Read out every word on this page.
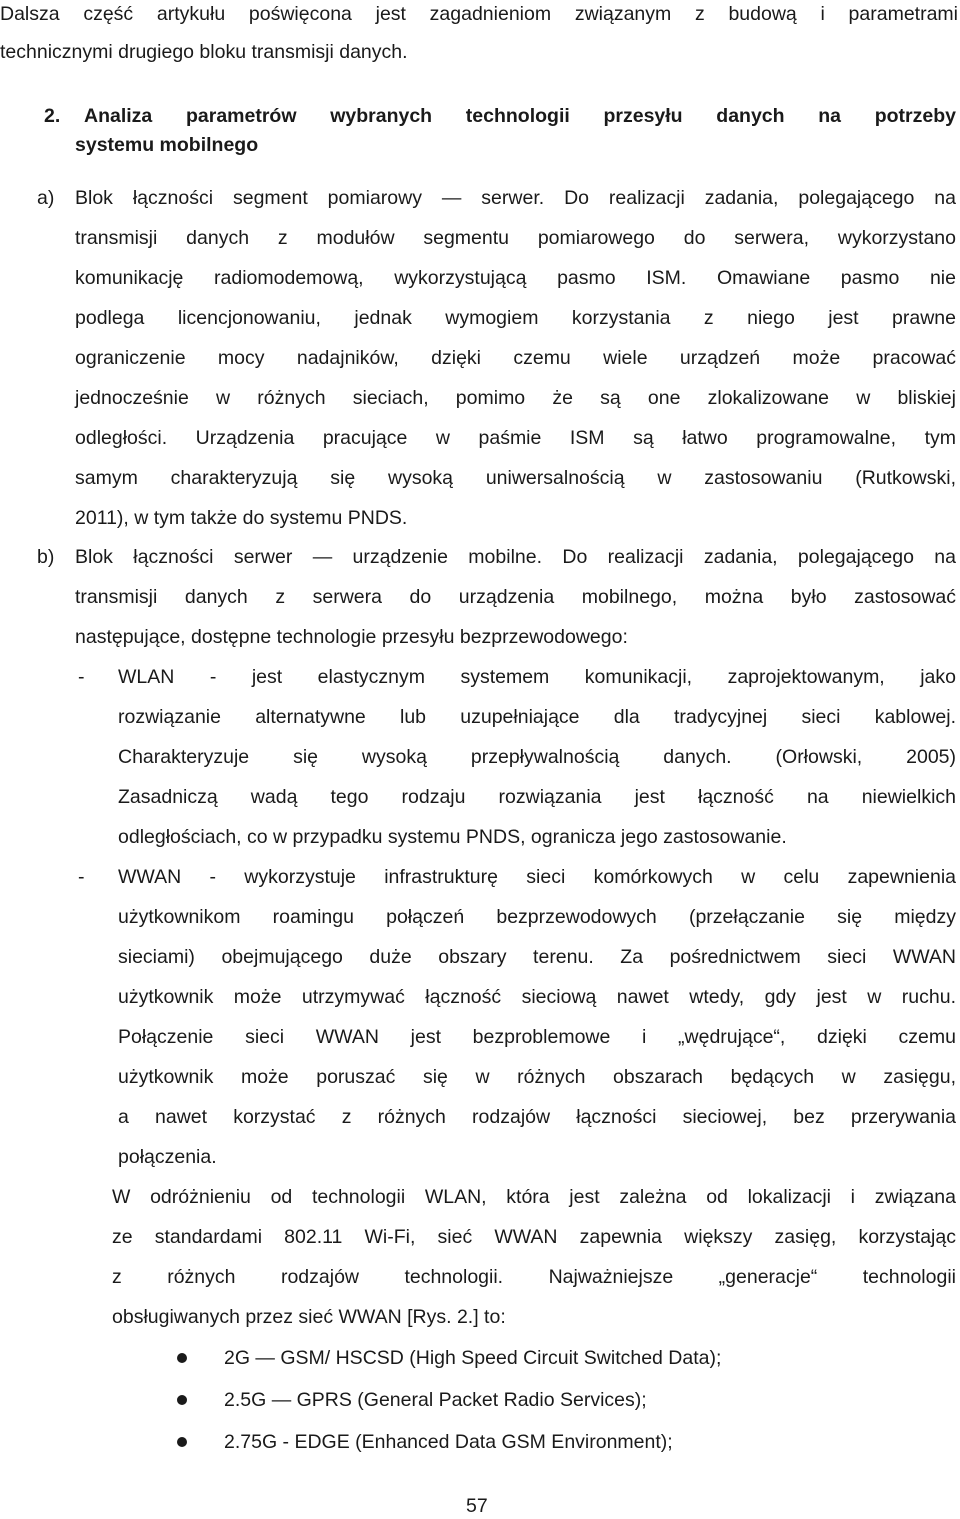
Dalsza część artykułu poświęcona jest zagadnieniom związanym z budową i parametrami
technicznymi drugiego bloku transmisji danych.
2. Analiza parametrów wybranych technologii przesyłu danych na potrzeby
systemu mobilnego
a) Blok łączności segment pomiarowy — serwer. Do realizacji zadania, polegającego na
transmisji danych z modułów segmentu pomiarowego do serwera, wykorzystano
komunikację radiomodemową, wykorzystującą pasmo ISM. Omawiane pasmo nie
podlega licencjonowaniu, jednak wymogiem korzystania z niego jest prawne
ograniczenie mocy nadajników, dzięki czemu wiele urządzeń może pracować
jednocześnie w różnych sieciach, pomimo że są one zlokalizowane w bliskiej
odległości. Urządzenia pracujące w paśmie ISM są łatwo programowalne, tym
samym charakteryzują się wysoką uniwersalnością w zastosowaniu (Rutkowski,
2011), w tym także do systemu PNDS.
b) Blok łączności serwer — urządzenie mobilne. Do realizacji zadania, polegającego na
transmisji danych z serwera do urządzenia mobilnego, można było zastosować
następujące, dostępne technologie przesyłu bezprzewodowego:
- WLAN - jest elastycznym systemem komunikacji, zaprojektowanym, jako
rozwiązanie alternatywne lub uzupełniające dla tradycyjnej sieci kablowej.
Charakteryzuje się wysoką przepływalnością danych. (Orłowski, 2005)
Zasadniczą wadą tego rodzaju rozwiązania jest łączność na niewielkich
odległościach, co w przypadku systemu PNDS, ogranicza jego zastosowanie.
- WWAN - wykorzystuje infrastrukturę sieci komórkowych w celu zapewnienia
użytkownikom roamingu połączeń bezprzewodowych (przełączanie się między
sieciami) obejmującego duże obszary terenu. Za pośrednictwem sieci WWAN
użytkownik może utrzymywać łączność sieciową nawet wtedy, gdy jest w ruchu.
Połączenie sieci WWAN jest bezproblemowe i „wędrujące“, dzięki czemu
użytkownik może poruszać się w różnych obszarach będących w zasięgu,
a nawet korzystać z różnych rodzajów łączności sieciowej, bez przerywania
połączenia.
W odróżnieniu od technologii WLAN, która jest zależna od lokalizacji i związana
ze standardami 802.11 Wi-Fi, sieć WWAN zapewnia większy zasięg, korzystając
z różnych rodzajów technologii. Najważniejsze „generacje“ technologii
obsługiwanych przez sieć WWAN [Rys. 2.] to:
2G — GSM/ HSCSD (High Speed Circuit Switched Data);
2.5G — GPRS (General Packet Radio Services);
2.75G - EDGE (Enhanced Data GSM Environment);
57
